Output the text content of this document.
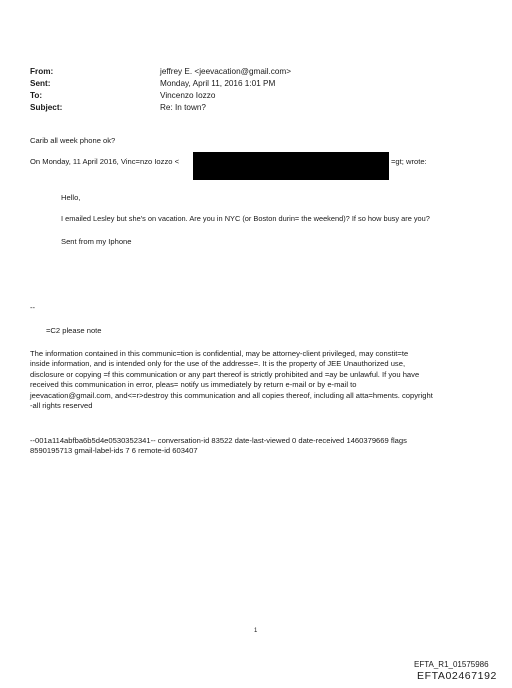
From:	jeffrey E. <jeevacation@gmail.com>
Sent:	Monday, April 11, 2016 1:01 PM
To:	Vincenzo Iozzo
Subject:	Re: In town?
Carib all week phone ok?
On Monday, 11 April 2016, Vinc=nzo Iozzo <	=gt; wrote:
Hello,
I emailed Lesley but she's on vacation. Are you in NYC (or Boston durin= the weekend)? If so how busy are you?
Sent from my Iphone
--
=C2 please note
The information contained in this communic=tion is confidential, may be attorney-client privileged, may constit=te
inside information, and is intended only for the use of the addresse=. It is the property of JEE Unauthorized use,
disclosure or copying =f this communication or any part thereof is strictly prohibited and =ay be unlawful. If you have
received this communication in error, pleas= notify us immediately by return e-mail or by e-mail to
jeevacation@gmail.com, and<=r>destroy this communication and all copies thereof, including all atta=hments. copyright
-all rights reserved
--001a114abfba6b5d4e0530352341-- conversation-id 83522 date-last-viewed 0 date-received 1460379669 flags
8590195713 gmail-label-ids 7 6 remote-id 603407
1
EFTA_R1_01575986
EFTA02467192
